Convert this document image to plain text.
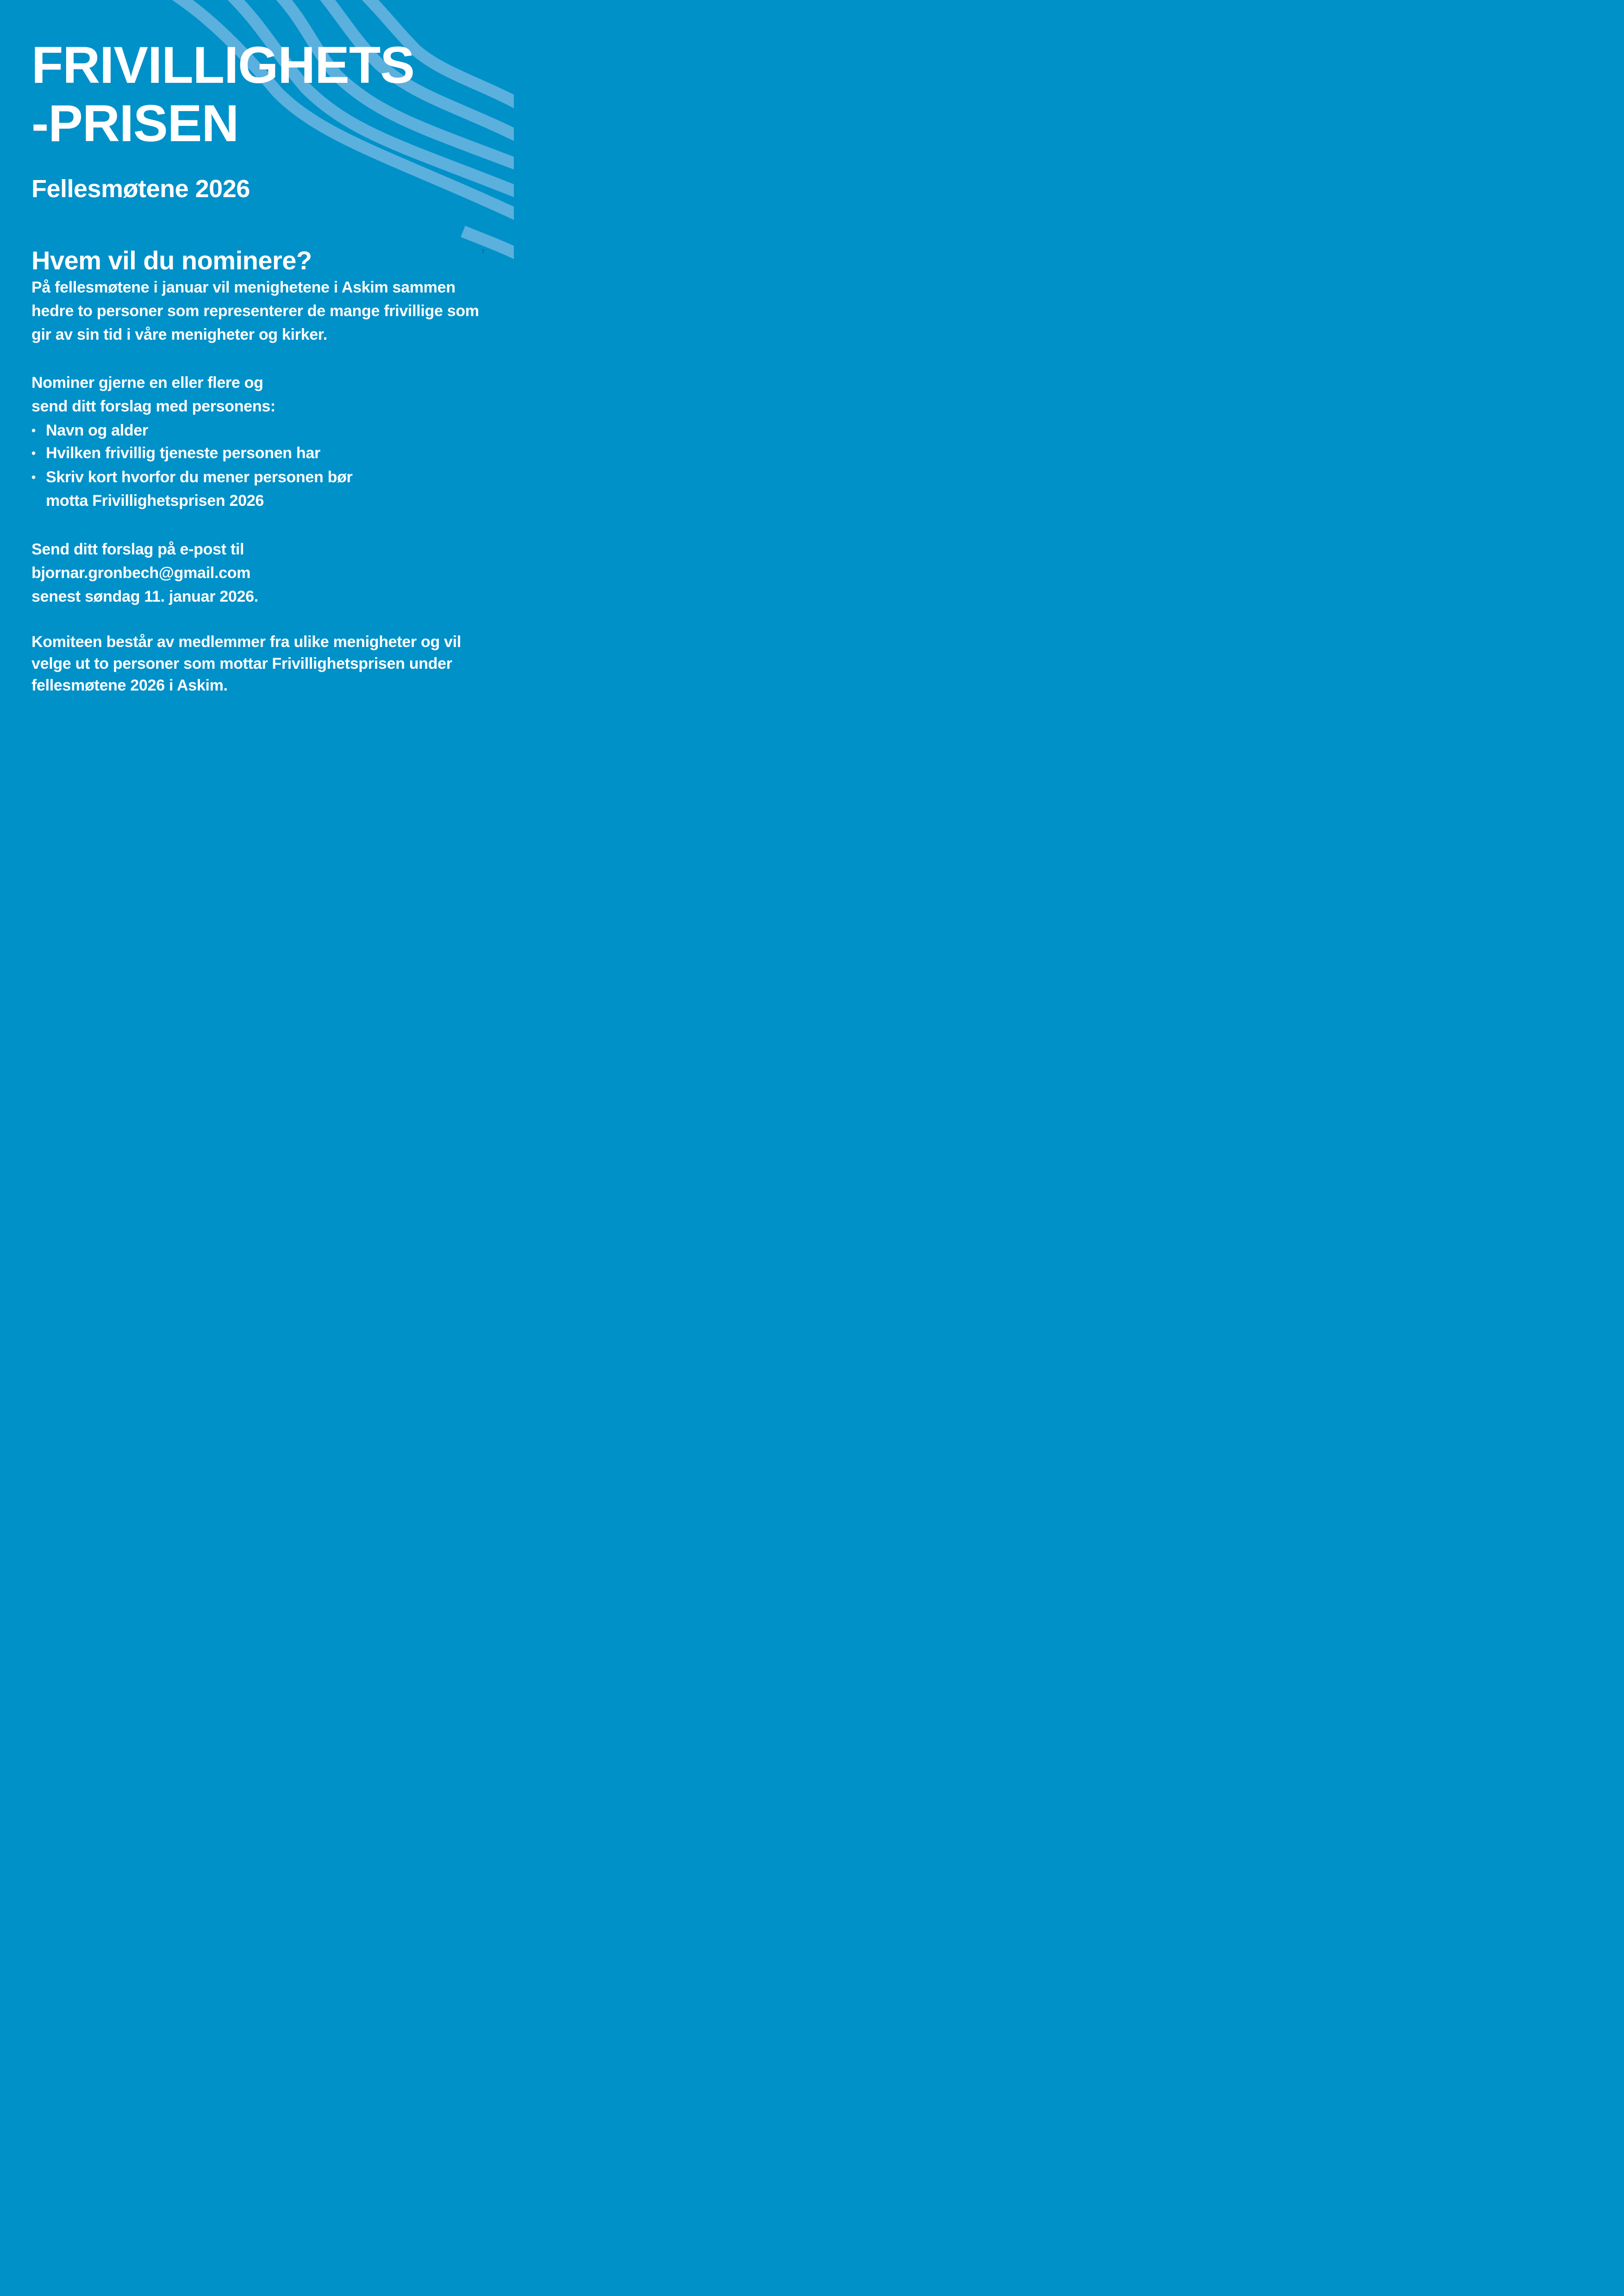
T
FRIVILLIGHETS
-PRISEN
Fellesmøtene 2026
Hvem vil du nominere?

På fellesmøtene i januar vil menighetene i Askim sammen hedre to personer som representerer de mange frivillige som gir av sin tid i våre menigheter og kirker.

Nominer gjerne en eller flere og
send ditt forslag med personens:

• Navn og alder
• Hvilken frivillig tjeneste personen har
• Skriv kort hvorfor du mener personen bør motta Frivillighetsprisen 2026

Send ditt forslag på e-post til
bjornar.gronbech@gmail.com
senest søndag 11. januar 2026.

Komiteen består av medlemmer fra ulike menigheter og vil velge ut to personer som mottar Frivillighetsprisen under fellesmøtene 2026 i Askim.
